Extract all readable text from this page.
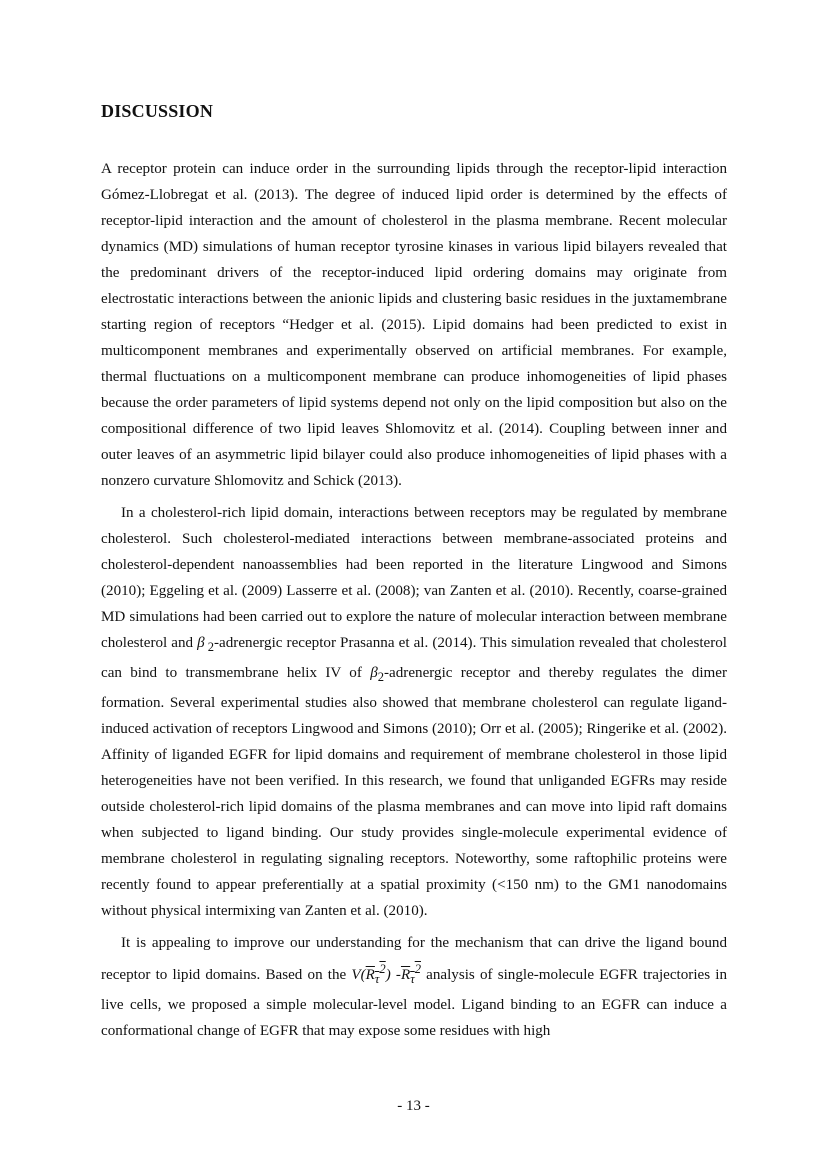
DISCUSSION

A receptor protein can induce order in the surrounding lipids through the receptor-lipid interaction Gómez-Llobregat et al. (2013). The degree of induced lipid order is determined by the effects of receptor-lipid interaction and the amount of cholesterol in the plasma membrane. Recent molecular dynamics (MD) simulations of human receptor tyrosine kinases in various lipid bilayers revealed that the predominant drivers of the receptor-induced lipid ordering domains may originate from electrostatic interactions between the anionic lipids and clustering basic residues in the juxtamembrane starting region of receptors “Hedger et al. (2015). Lipid domains had been predicted to exist in multicomponent membranes and experimentally observed on artificial membranes. For example, thermal fluctuations on a multicomponent membrane can produce inhomogeneities of lipid phases because the order parameters of lipid systems depend not only on the lipid composition but also on the compositional difference of two lipid leaves Shlomovitz et al. (2014). Coupling between inner and outer leaves of an asymmetric lipid bilayer could also produce inhomogeneities of lipid phases with a nonzero curvature Shlomovitz and Schick (2013).

In a cholesterol-rich lipid domain, interactions between receptors may be regulated by membrane cholesterol. Such cholesterol-mediated interactions between membrane-associated proteins and cholesterol-dependent nanoassemblies had been reported in the literature Lingwood and Simons (2010); Eggeling et al. (2009) Lasserre et al. (2008); van Zanten et al. (2010). Recently, coarse-grained MD simulations had been carried out to explore the nature of molecular interaction between membrane cholesterol and β  $_2$-adrenergic receptor Prasanna et al. (2014). This simulation revealed that cholesterol can bind to transmembrane helix IV of $\beta_2$-adrenergic receptor and thereby regulates the dimer formation. Several experimental studies also showed that membrane cholesterol can regulate ligand-induced activation of receptors Lingwood and Simons (2010); Orr et al. (2005); Ringerike et al. (2002). Affinity of liganded EGFR for lipid domains and requirement of membrane cholesterol in those lipid heterogeneities have not been verified. In this research, we found that unliganded EGFRs may reside outside cholesterol-rich lipid domains of the plasma membranes and can move into lipid raft domains when subjected to ligand binding. Our study provides single-molecule experimental evidence of membrane cholesterol in regulating signaling receptors. Noteworthy, some raftophilic proteins were recently found to appear preferentially at a spatial proximity (<150 nm) to the GM1 nanodomains without physical intermixing van Zanten et al. (2010).

It is appealing to improve our understanding for the mechanism that can drive the ligand bound receptor to lipid domains. Based on the $V(R_\tau^2)$ $-R_\tau^2$ analysis of single-molecule EGFR trajectories in live cells, we proposed a simple molecular-level model. Ligand binding to an EGFR can induce a conformational change of EGFR that may expose some residues with high

- 13 -
